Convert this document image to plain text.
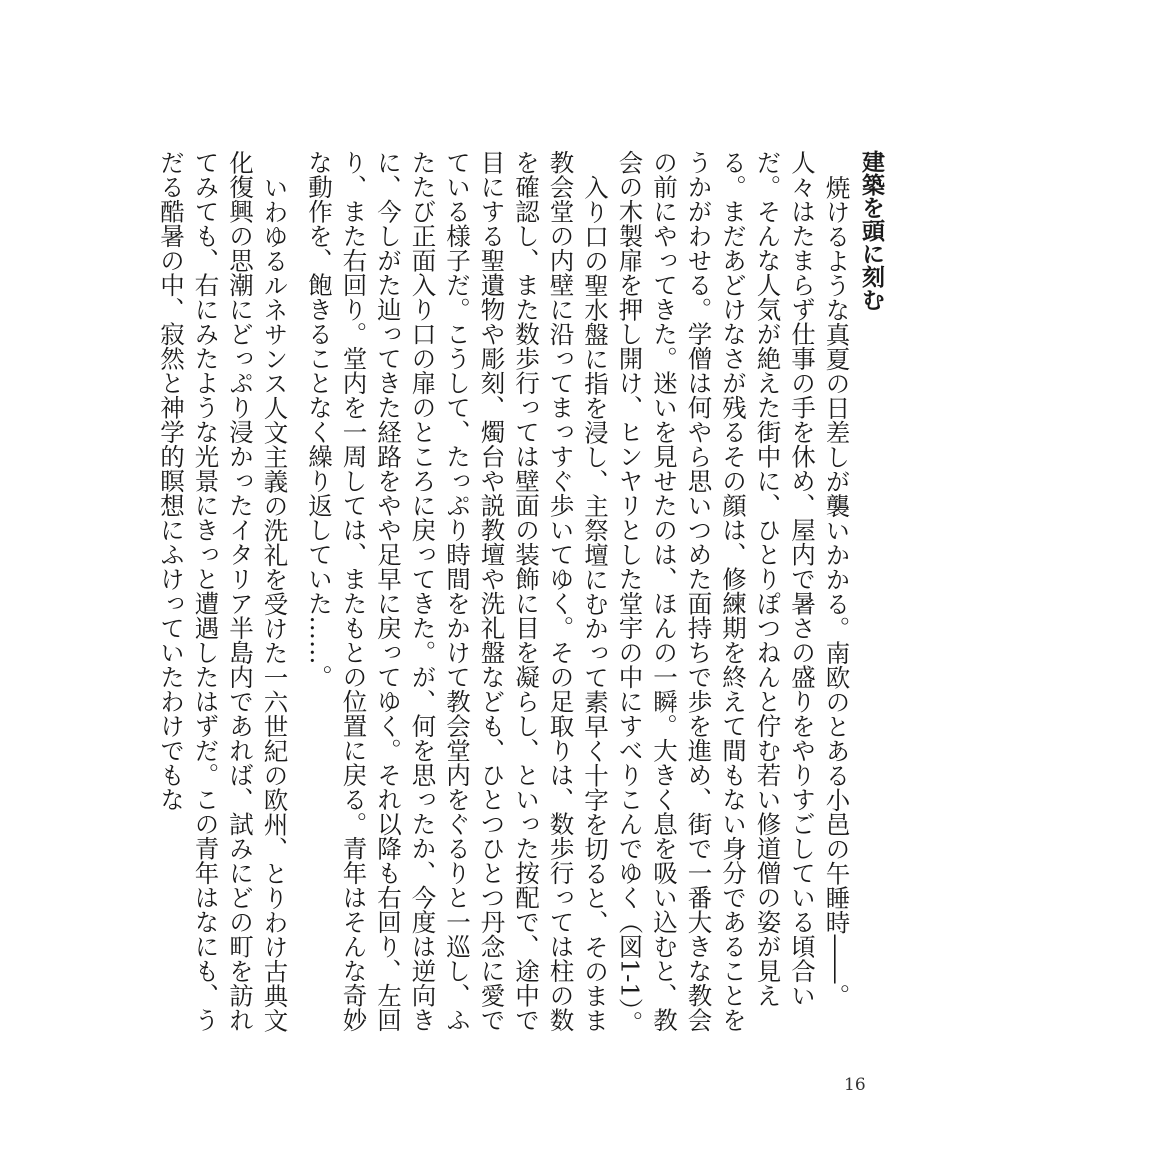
建築を頭に刻む
焼けるような真夏の日差しが襲いかかる。南欧のとある小邑の午睡時――。人々はたまらず仕事の手を休め、屋内で暑さの盛りをやりすごしている頃合いだ。そんな人気が絶えた街中に、ひとりぽつねんと佇む若い修道僧の姿が見える。まだあどけなさが残るその顔は、修練期を終えて間もない身分であることをうかがわせる。学僧は何やら思いつめた面持ちで歩を進め、街で一番大きな教会の前にやってきた。迷いを見せたのは、ほんの一瞬。大きく息を吸い込むと、教会の木製扉を押し開け、ヒンヤリとした堂宇の中にすべりこんでゆく（図1-1）。
入り口の聖水盤に指を浸し、主祭壇にむかって素早く十字を切ると、そのまま教会堂の内壁に沿ってまっすぐ歩いてゆく。その足取りは、数歩行っては柱の数を確認し、また数歩行っては壁面の装飾に目を凝らし、といった按配で、途中で目にする聖遺物や彫刻、燭台や説教壇や洗礼盤なども、ひとつひとつ丹念に愛でている様子だ。こうして、たっぷり時間をかけて教会堂内をぐるりと一巡し、ふたたび正面入り口の扉のところに戻ってきた。が、何を思ったか、今度は逆向きに、今しがた辿ってきた経路をやや足早に戻ってゆく。それ以降も右回り、左回り、また右回り。堂内を一周しては、またもとの位置に戻る。青年はそんな奇妙な動作を、飽きることなく繰り返していた……。
いわゆるルネサンス人文主義の洗礼を受けた一六世紀の欧州、とりわけ古典文化復興の思潮にどっぷり浸かったイタリア半島内であれば、試みにどの町を訪れてみても、右にみたような光景にきっと遭遇したはずだ。この青年はなにも、うだる酷暑の中、寂然と神学的瞑想にふけっていたわけでもな
16
